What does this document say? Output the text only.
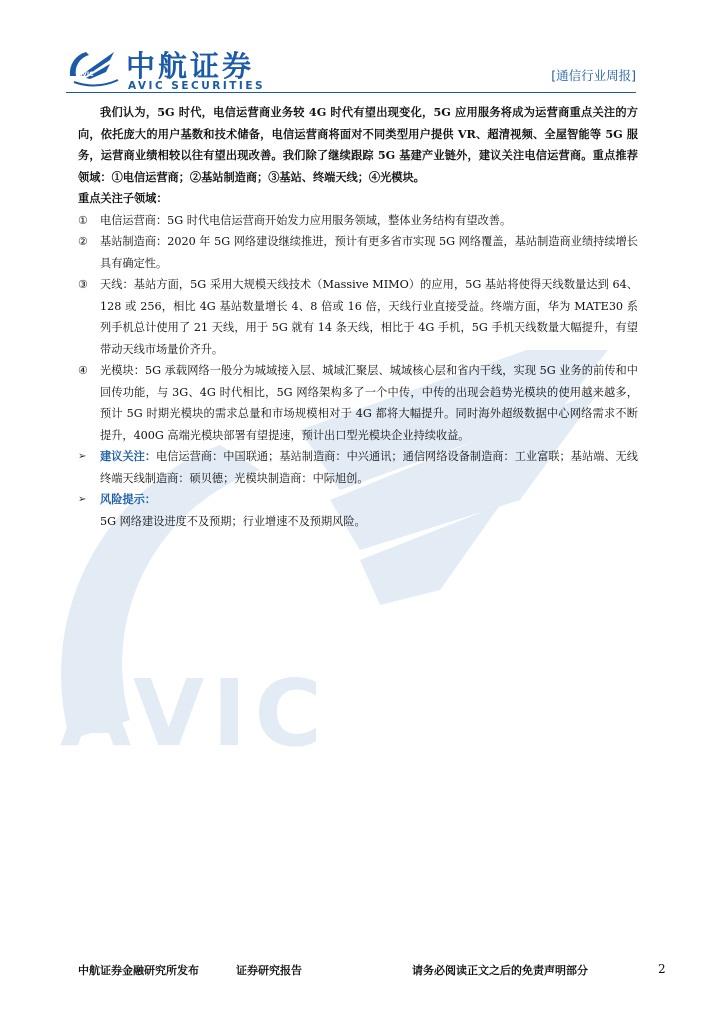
AVIC
AVIC 中航证券
AVIC SECURITIES
[通信行业周报]

我们认为，5G 时代，电信运营商业务较 4G 时代有望出现变化，5G 应用服务将成为运营商重点关注的方向，依托庞大的用户基数和技术储备，电信运营商将面对不同类型用户提供 VR、超清视频、全屋智能等 5G 服务，运营商业绩相较以往有望出现改善。我们除了继续跟踪 5G 基建产业链外，建议关注电信运营商。重点推荐领域：①电信运营商；②基站制造商；③基站、终端天线；④光模块。

重点关注子领域：

①	电信运营商：5G 时代电信运营商开始发力应用服务领域，整体业务结构有望改善。
②	基站制造商：2020 年 5G 网络建设继续推进，预计有更多省市实现 5G 网络覆盖，基站制造商业绩持续增长具有确定性。
③	天线：基站方面，5G 采用大规模天线技术（Massive MIMO）的应用，5G 基站将使得天线数量达到 64、128 或 256，相比 4G 基站数量增长 4、8 倍或 16 倍，天线行业直接受益。终端方面，华为 MATE30 系列手机总计使用了 21 天线，用于 5G 就有 14 条天线，相比于 4G 手机，5G 手机天线数量大幅提升，有望带动天线市场量价齐升。
④	光模块：5G 承载网络一般分为城域接入层、城域汇聚层、城域核心层和省内干线，实现 5G 业务的前传和中回传功能，与 3G、4G 时代相比，5G 网络架构多了一个中传，中传的出现会趋势光模块的使用越来越多，预计 5G 时期光模块的需求总量和市场规模相对于 4G 都将大幅提升。同时海外超级数据中心网络需求不断提升，400G 高端光模块部署有望提速，预计出口型光模块企业持续收益。
➢	建议关注：电信运营商：中国联通；基站制造商：中兴通讯；通信网络设备制造商：工业富联；基站端、无线终端天线制造商：硕贝德；光模块制造商：中际旭创。
➢	风险提示：

5G 网络建设进度不及预期；行业增速不及预期风险。

中航证券金融研究所发布	证券研究报告	请务必阅读正文之后的免责声明部分	2
